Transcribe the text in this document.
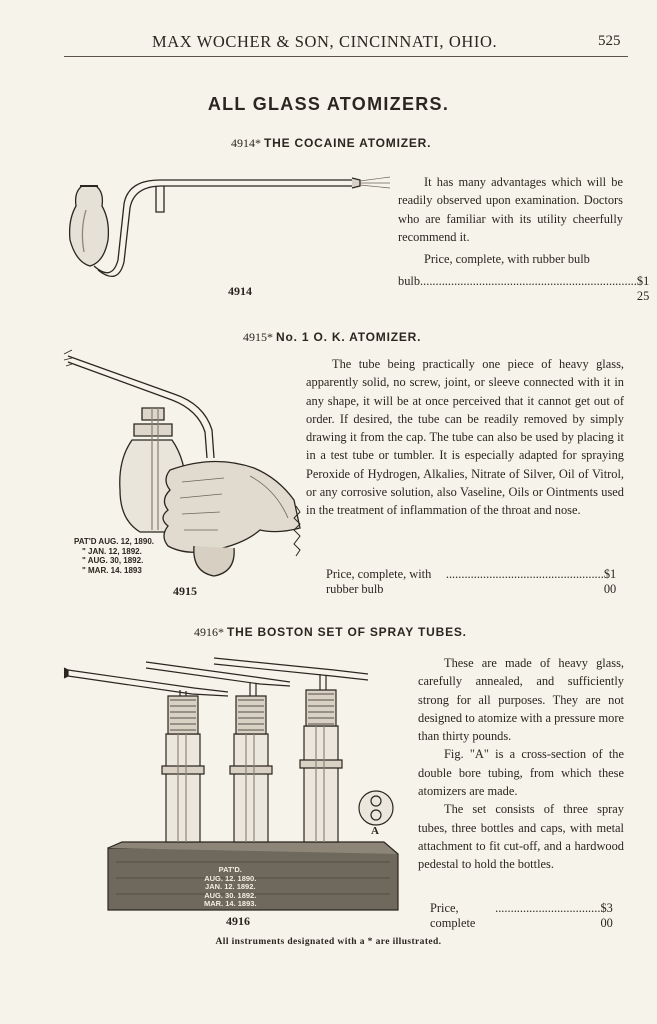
MAX WOCHER & SON, CINCINNATI, OHIO.	525
ALL GLASS ATOMIZERS.
4914* THE COCAINE ATOMIZER.
4914

It has many advantages which will be readily observed upon examination. Doctors who are familiar with its utility cheerfully recommend it.

Price, complete, with rubber bulb

bulb...................................................................... $1 25
4915* No. 1 O. K. ATOMIZER.
PAT'D AUG. 12, 1890.
" JAN. 12, 1892.
" AUG. 30, 1892.
" MAR. 14. 1893
4915

The tube being practically one piece of heavy glass, apparently solid, no screw, joint, or sleeve connected with it in any shape, it will be at once perceived that it cannot get out of order. If desired, the tube can be readily removed by simply drawing it from the cap. The tube can also be used by placing it in a test tube or tumbler. It is especially adapted for spraying Peroxide of Hydrogen, Alkalies, Nitrate of Silver, Oil of Vitrol, or any corrosive solution, also Vaseline, Oils or Ointments used in the treatment of inflammation of the throat and nose.

Price, complete, with rubber bulb
................................................... $1 00
4916* THE BOSTON SET OF SPRAY TUBES.
A
PAT'D.
AUG. 12. 1890.
JAN. 12. 1892.
AUG. 30. 1892.
MAR. 14. 1893.
4916

These are made of heavy glass, carefully annealed, and sufficiently strong for all purposes. They are not designed to atomize with a pressure more than thirty pounds.

Fig. "A" is a cross-section of the double bore tubing, from which these atomizers are made.

The set consists of three spray tubes, three bottles and caps, with metal attachment to fit cut-off, and a hardwood pedestal to hold the bottles.

Price, complete
.................................. $3 00
All instruments designated with a * are illustrated.
